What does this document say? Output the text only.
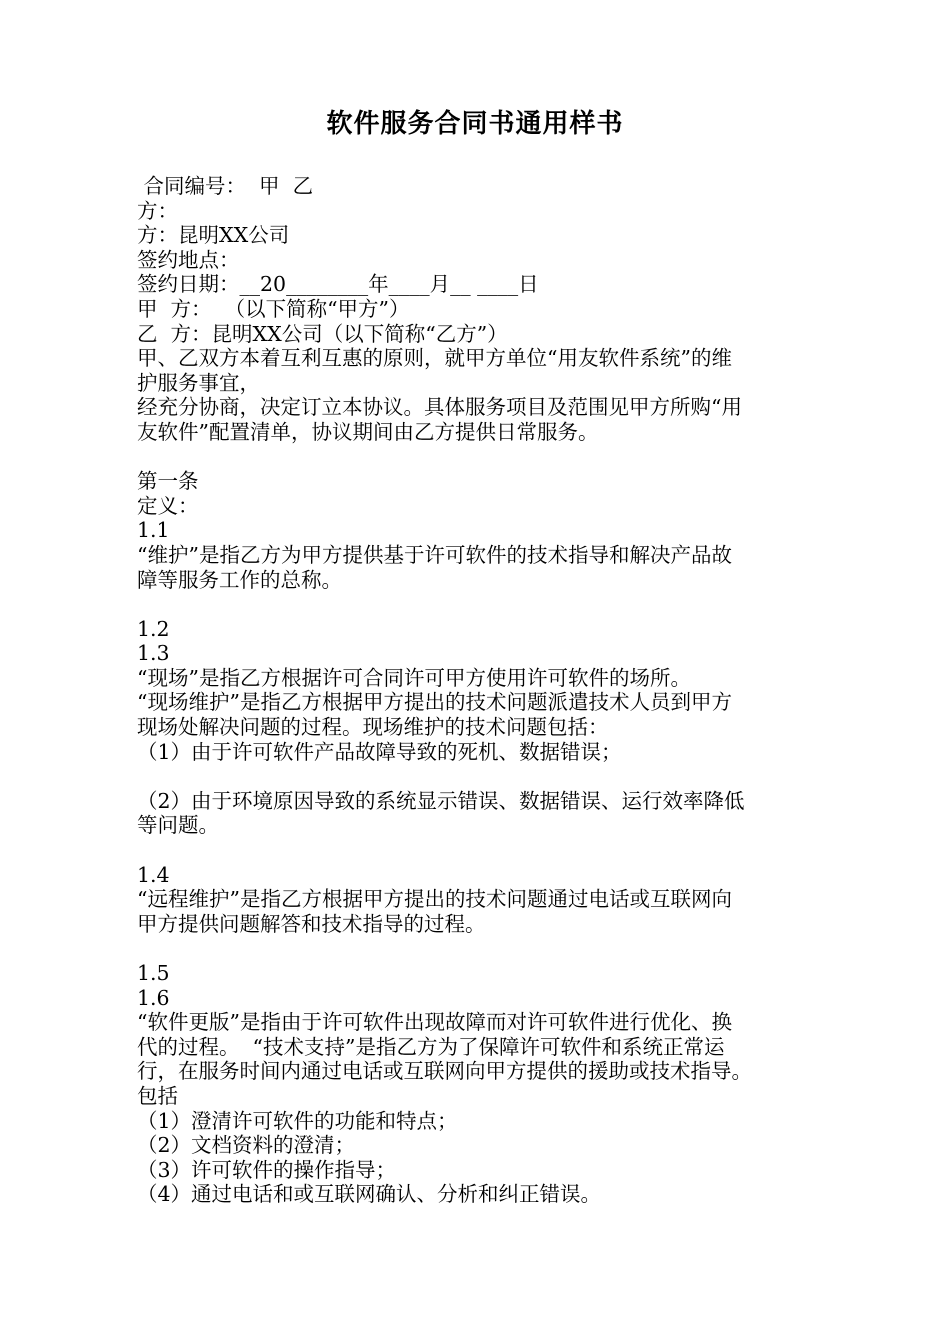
软件服务合同书通用样书
合同编号：  甲  乙
方：
方：昆明XX公司
签约地点：
签约日期：__20________年____月__ ____日
甲  方：  （以下简称“甲方”）
乙  方：昆明XX公司（以下简称“乙方”）
甲、乙双方本着互利互惠的原则，就甲方单位“用友软件系统”的维
护服务事宜，
经充分协商，决定订立本协议。具体服务项目及范围见甲方所购“用
友软件”配置清单，协议期间由乙方提供日常服务。
第一条
定义：
1.1
“维护”是指乙方为甲方提供基于许可软件的技术指导和解决产品故
障等服务工作的总称。
1.2
1.3
“现场”是指乙方根据许可合同许可甲方使用许可软件的场所。
“现场维护”是指乙方根据甲方提出的技术问题派遣技术人员到甲方
现场处解决问题的过程。现场维护的技术问题包括：
（1）由于许可软件产品故障导致的死机、数据错误；
（2）由于环境原因导致的系统显示错误、数据错误、运行效率降低
等问题。
1.4
“远程维护”是指乙方根据甲方提出的技术问题通过电话或互联网向
甲方提供问题解答和技术指导的过程。
1.5
1.6
“软件更版”是指由于许可软件出现故障而对许可软件进行优化、换
代的过程。  “技术支持”是指乙方为了保障许可软件和系统正常运
行，在服务时间内通过电话或互联网向甲方提供的援助或技术指导。
包括
（1）澄清许可软件的功能和特点；
（2）文档资料的澄清；
（3）许可软件的操作指导；
（4）通过电话和或互联网确认、分析和纠正错误。
